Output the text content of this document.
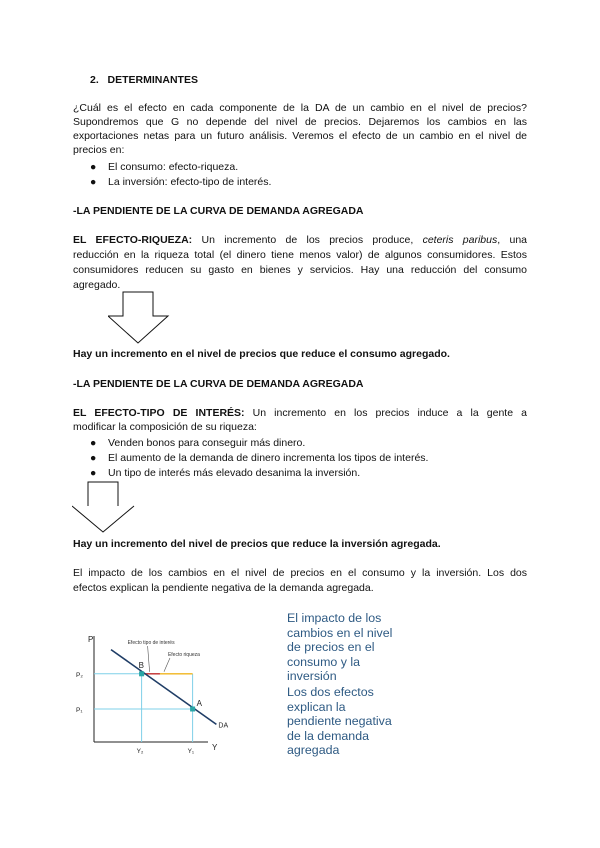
2. DETERMINANTES
¿Cuál es el efecto en cada componente de la DA de un cambio en el nivel de precios?
Supondremos que G no depende del nivel de precios. Dejaremos los cambios en las
exportaciones netas para un futuro análisis. Veremos el efecto de un cambio en el nivel de
precios en:
● El consumo: efecto-riqueza.
● La inversión: efecto-tipo de interés.
-LA PENDIENTE DE LA CURVA DE DEMANDA AGREGADA
EL EFECTO-RIQUEZA: Un incremento de los precios produce, ceteris paribus, una
reducción en la riqueza total (el dinero tiene menos valor) de algunos consumidores. Estos
consumidores reducen su gasto en bienes y servicios. Hay una reducción del consumo
agregado.
Hay un incremento en el nivel de precios que reduce el consumo agregado.
-LA PENDIENTE DE LA CURVA DE DEMANDA AGREGADA
EL EFECTO-TIPO DE INTERÉS: Un incremento en los precios induce a la gente a
modificar la composición de su riqueza:
● Venden bonos para conseguir más dinero.
● El aumento de la demanda de dinero incrementa los tipos de interés.
● Un tipo de interés más elevado desanima la inversión.
Hay un incremento del nivel de precios que reduce la inversión agregada.
El impacto de los cambios en el nivel de precios en el consumo y la inversión. Los dos
efectos explican la pendiente negativa de la demanda agregada.
P
Y
DA
A
B
P₂
P₁
Y₂	Y₁
Efecto tipo de interés
Efecto riqueza
El impacto de los
cambios en el nivel
de precios en el
consumo y la
inversión
Los dos efectos
explican la
pendiente negativa
de la demanda
agregada
